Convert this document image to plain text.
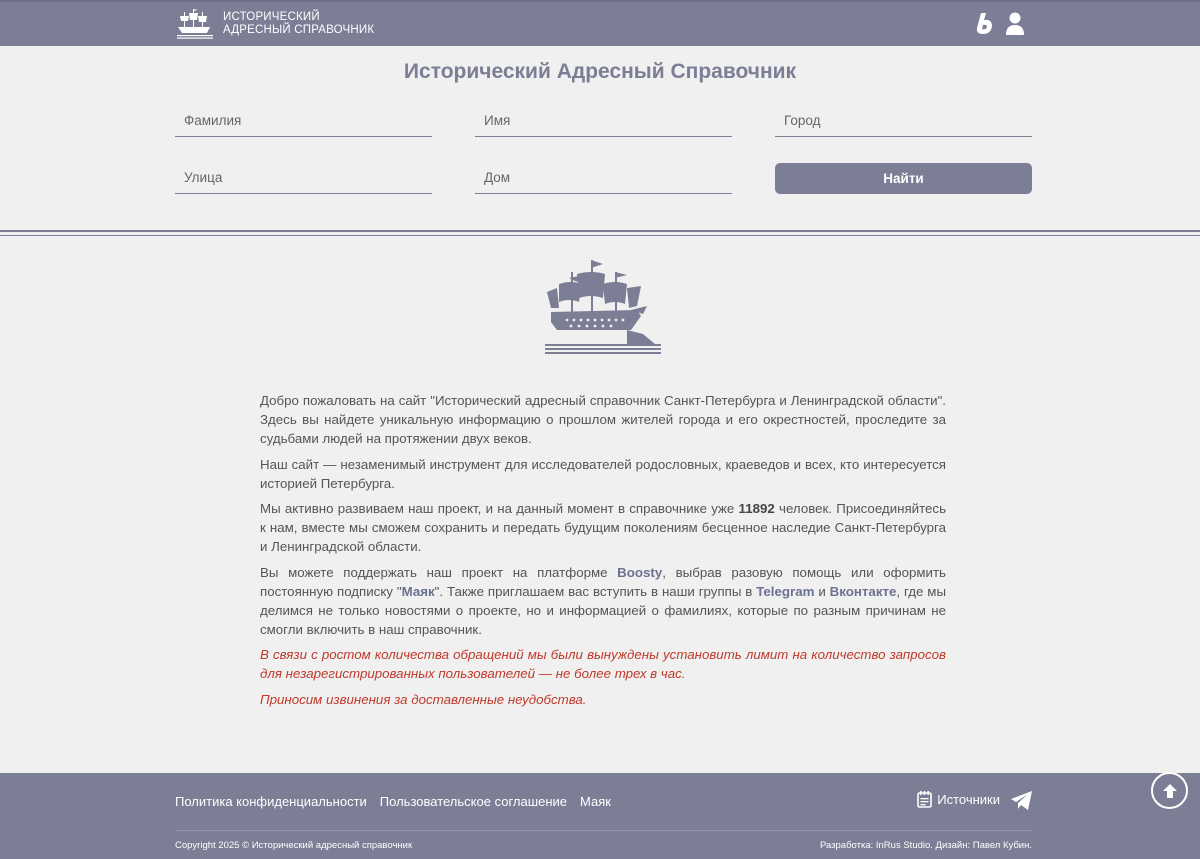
ИСТОРИЧЕСКИЙ
АДРЕСНЫЙ СПРАВОЧНИК
Исторический Адресный Справочник
Фамилия
Имя
Город
Улица
Дом
Найти

Добро пожаловать на сайт "Исторический адресный справочник Санкт-Петербурга и Ленинградской области". Здесь вы найдете уникальную информацию о прошлом жителей города и его окрестностей, проследите за судьбами людей на протяжении двух веков.

Наш сайт — незаменимый инструмент для исследователей родословных, краеведов и всех, кто интересуется историей Петербурга.

Мы активно развиваем наш проект, и на данный момент в справочнике уже 11892 человек. Присоединяйтесь к нам, вместе мы сможем сохранить и передать будущим поколениям бесценное наследие Санкт-Петербурга и Ленинградской области.

Вы можете поддержать наш проект на платформе Boosty, выбрав разовую помощь или оформить постоянную подписку "Маяк". Также приглашаем вас вступить в наши группы в Telegram и Вконтакте, где мы делимся не только новостями о проекте, но и информацией о фамилиях, которые по разным причинам не смогли включить в наш справочник.

В связи с ростом количества обращений мы были вынуждены установить лимит на количество запросов для незарегистрированных пользователей — не более трех в час.

Приносим извинения за доставленные неудобства.

Политика конфиденциальности Пользовательское соглашение Маяк	Источники
Copyright 2025 © Исторический адресный справочник	Разработка: InRus Studio. Дизайн: Павел Кубин.
